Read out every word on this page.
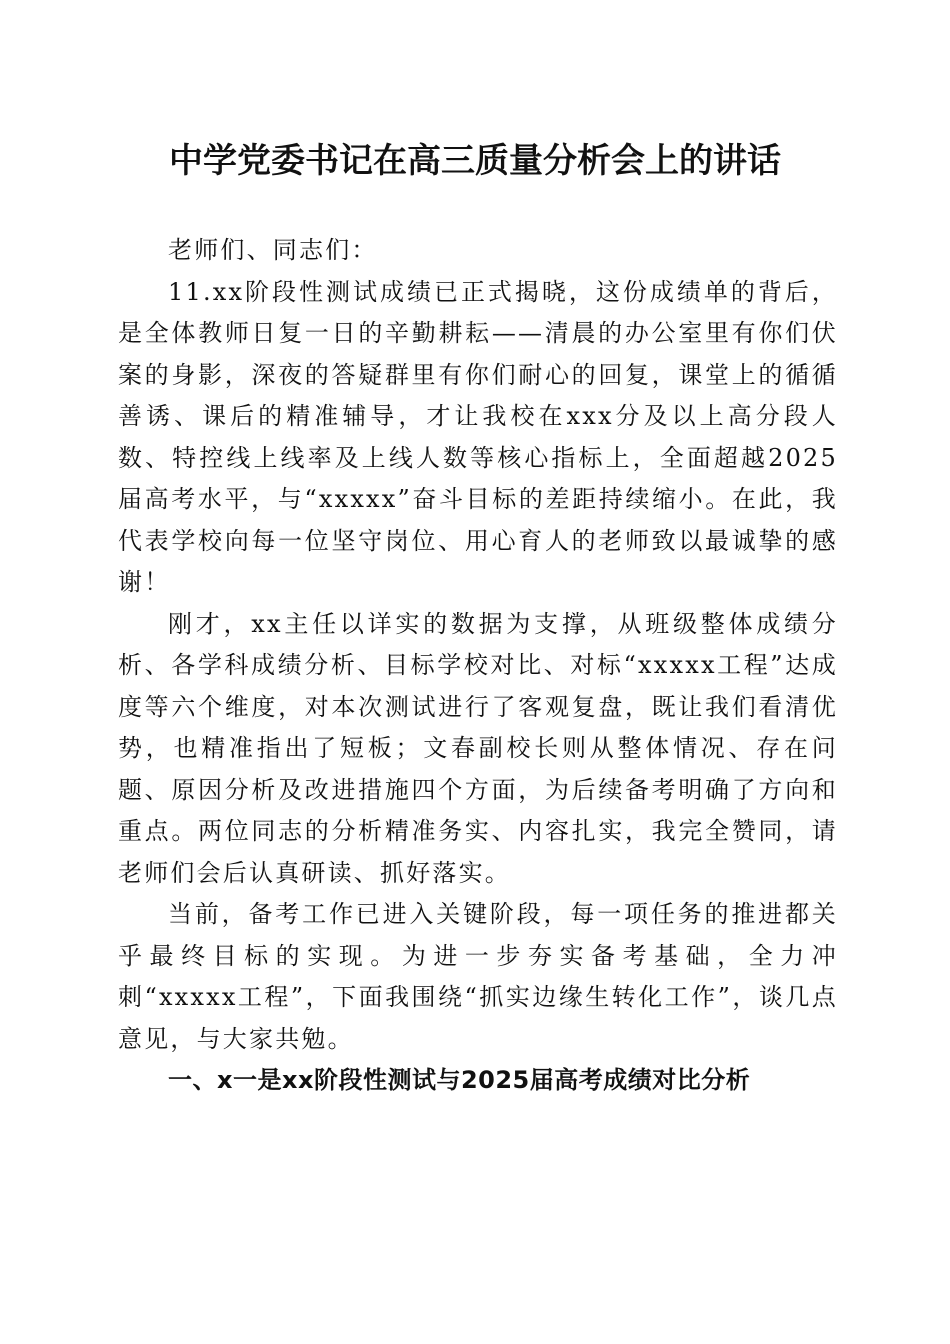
中学党委书记在高三质量分析会上的讲话

老师们、同志们：

11.xx阶段性测试成绩已正式揭晓，这份成绩单的背后，是全体教师日复一日的辛勤耕耘——清晨的办公室里有你们伏案的身影，深夜的答疑群里有你们耐心的回复，课堂上的循循善诱、课后的精准辅导，才让我校在xxx分及以上高分段人数、特控线上线率及上线人数等核心指标上，全面超越2025届高考水平，与“xxxxx”奋斗目标的差距持续缩小。在此，我代表学校向每一位坚守岗位、用心育人的老师致以最诚挚的感谢！

刚才，xx主任以详实的数据为支撑，从班级整体成绩分析、各学科成绩分析、目标学校对比、对标“xxxxx工程”达成度等六个维度，对本次测试进行了客观复盘，既让我们看清优势，也精准指出了短板；文春副校长则从整体情况、存在问题、原因分析及改进措施四个方面，为后续备考明确了方向和重点。两位同志的分析精准务实、内容扎实，我完全赞同，请老师们会后认真研读、抓好落实。

当前，备考工作已进入关键阶段，每一项任务的推进都关乎最终目标的实现。为进一步夯实备考基础，全力冲刺“xxxxx工程”，下面我围绕“抓实边缘生转化工作”，谈几点意见，与大家共勉。

一、x一是xx阶段性测试与2025届高考成绩对比分析
